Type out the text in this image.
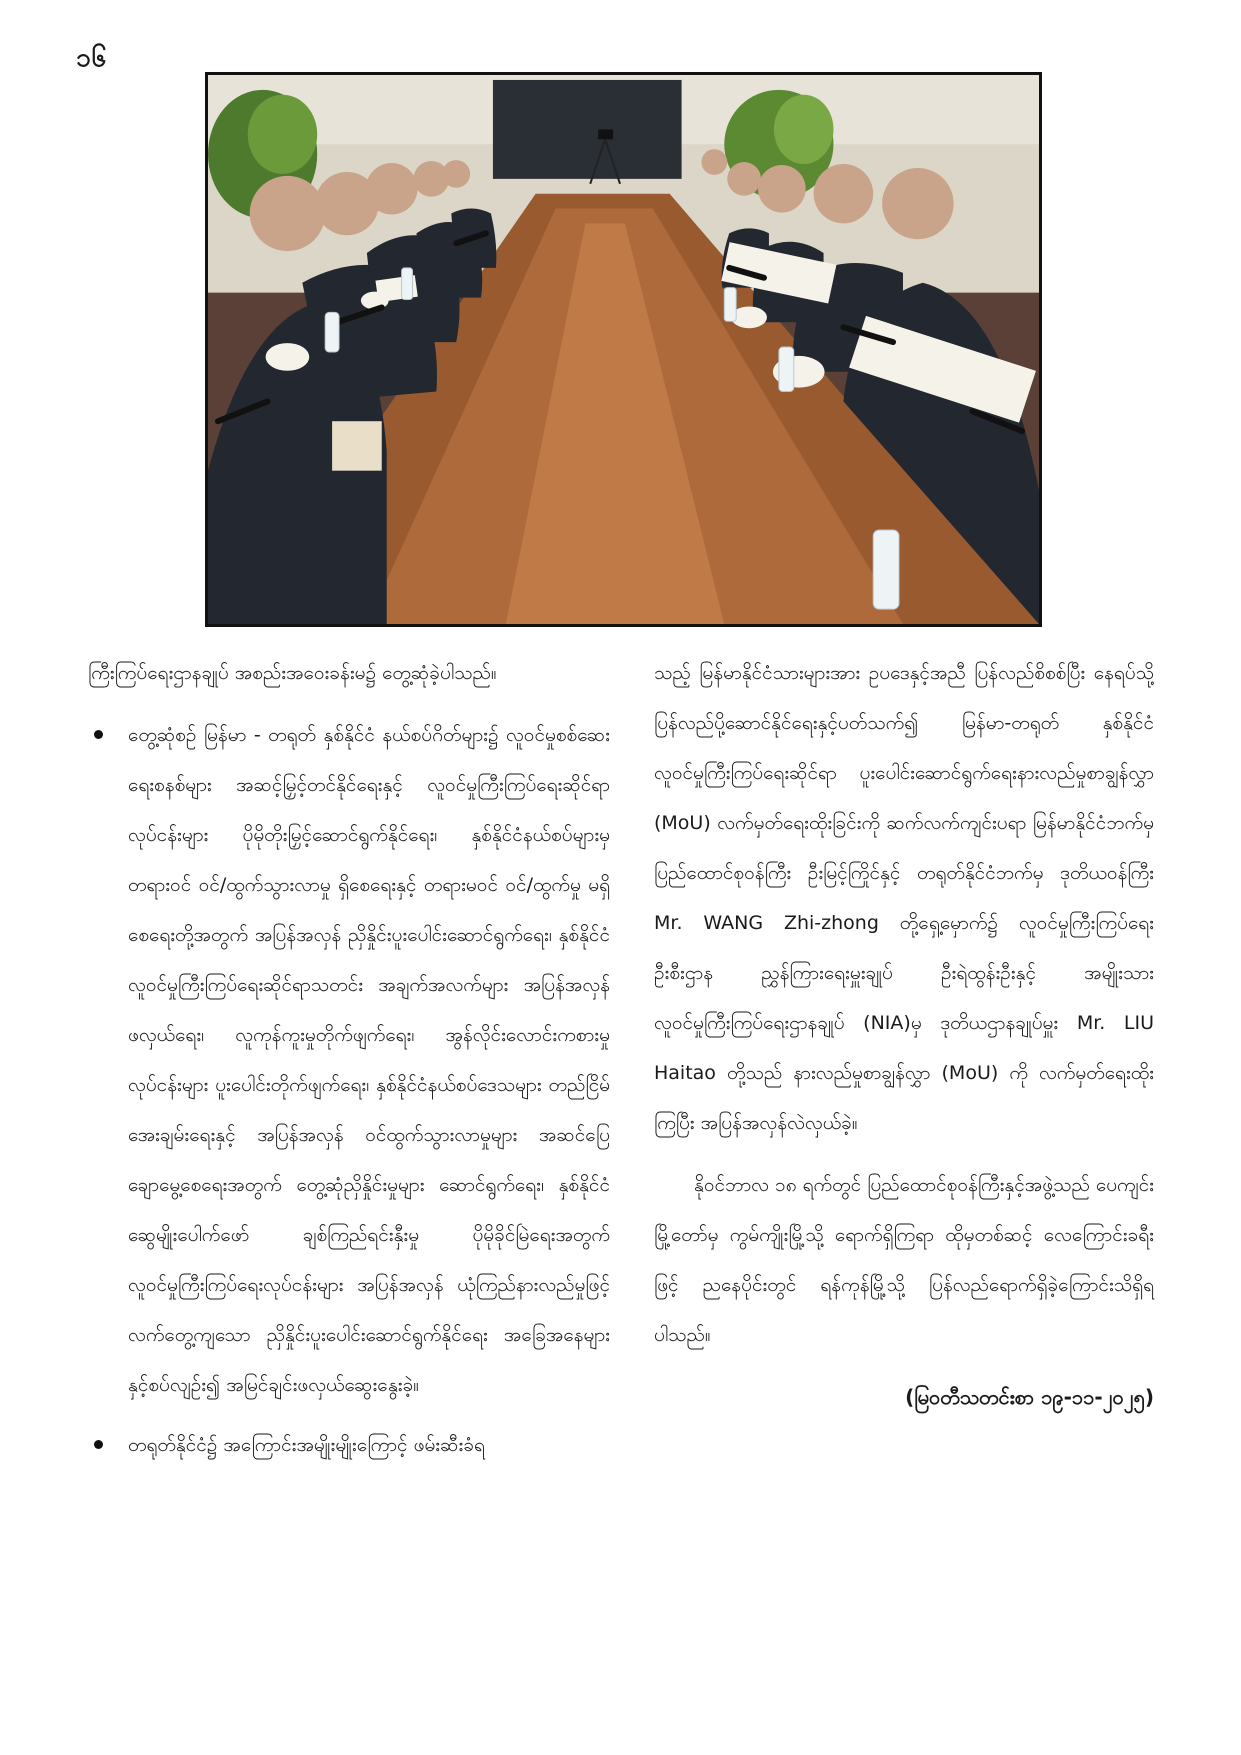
၁၆

ကြီးကြပ်ရေးဌာနချုပ် အစည်းအဝေးခန်းမ၌ တွေ့ဆုံခဲ့ပါသည်။

တွေ့ဆုံစဉ် မြန်မာ - တရုတ် နှစ်နိုင်ငံ နယ်စပ်ဂိတ်များ၌ လူဝင်မှုစစ်ဆေးရေးစနစ်များ အဆင့်မြှင့်တင်နိုင်ရေးနှင့် လူဝင်မှုကြီးကြပ်ရေးဆိုင်ရာလုပ်ငန်းများ ပိုမိုတိုးမြှင့်ဆောင်ရွက်နိုင်ရေး၊ နှစ်နိုင်ငံနယ်စပ်များမှ တရားဝင် ဝင်/ထွက်သွားလာမှု ရှိစေရေးနှင့် တရားမဝင် ဝင်/ထွက်မှု မရှိစေရေးတို့အတွက် အပြန်အလှန် ညှိနှိုင်းပူးပေါင်းဆောင်ရွက်ရေး၊ နှစ်နိုင်ငံလူဝင်မှုကြီးကြပ်ရေးဆိုင်ရာသတင်း အချက်အလက်များ အပြန်အလှန်ဖလှယ်ရေး၊ လူကုန်ကူးမှုတိုက်ဖျက်ရေး၊ အွန်လိုင်းလောင်းကစားမှုလုပ်ငန်းများ ပူးပေါင်းတိုက်ဖျက်ရေး၊ နှစ်နိုင်ငံနယ်စပ်ဒေသများ တည်ငြိမ်အေးချမ်းရေးနှင့် အပြန်အလှန် ဝင်ထွက်သွားလာမှုများ အဆင်ပြေချောမွေ့စေရေးအတွက် တွေ့ဆုံညှိနှိုင်းမှုများ ဆောင်ရွက်ရေး၊ နှစ်နိုင်ငံ ဆွေမျိုးပေါက်ဖော် ချစ်ကြည်ရင်းနှီးမှု ပိုမိုခိုင်မြဲရေးအတွက် လူဝင်မှုကြီးကြပ်ရေးလုပ်ငန်းများ အပြန်အလှန် ယုံကြည်နားလည်မှုဖြင့် လက်တွေ့ကျသော ညှိနှိုင်းပူးပေါင်းဆောင်ရွက်နိုင်ရေး အခြေအနေများနှင့်စပ်လျဉ်း၍ အမြင်ချင်းဖလှယ်ဆွေးနွေးခဲ့။
တရုတ်နိုင်ငံ၌ အကြောင်းအမျိုးမျိုးကြောင့် ဖမ်းဆီးခံရ

သည့် မြန်မာနိုင်ငံသားများအား ဥပဒေနှင့်အညီ ပြန်လည်စိစစ်ပြီး နေရပ်သို့ ပြန်လည်ပို့ဆောင်နိုင်ရေးနှင့်ပတ်သက်၍ မြန်မာ-တရုတ် နှစ်နိုင်ငံ လူဝင်မှုကြီးကြပ်ရေးဆိုင်ရာ ပူးပေါင်းဆောင်ရွက်ရေးနားလည်မှုစာချွန်လွှာ (MoU) လက်မှတ်ရေးထိုးခြင်းကို ဆက်လက်ကျင်းပရာ မြန်မာနိုင်ငံဘက်မှ ပြည်ထောင်စုဝန်ကြီး ဦးမြင့်ကြိုင်နှင့် တရုတ်နိုင်ငံဘက်မှ ဒုတိယဝန်ကြီး Mr. WANG Zhi-zhong တို့ရှေ့မှောက်၌ လူဝင်မှုကြီးကြပ်ရေး ဦးစီးဌာန ညွှန်ကြားရေးမှူးချုပ် ဦးရဲထွန်းဦးနှင့် အမျိုးသားလူဝင်မှုကြီးကြပ်ရေးဌာနချုပ် (NIA)မှ ဒုတိယဌာနချုပ်မှူး Mr. LIU Haitao တို့သည် နားလည်မှုစာချွန်လွှာ (MoU) ကို လက်မှတ်ရေးထိုး ကြပြီး အပြန်အလှန်လဲလှယ်ခဲ့။

နိုဝင်ဘာလ ၁၈ ရက်တွင် ပြည်ထောင်စုဝန်ကြီးနှင့်အဖွဲ့သည် ပေကျင်းမြို့တော်မှ ကွမ်ကျိုးမြို့သို့ ရောက်ရှိကြရာ ထိုမှတစ်ဆင့် လေကြောင်းခရီးဖြင့် ညနေပိုင်းတွင် ရန်ကုန်မြို့သို့ ပြန်လည်ရောက်ရှိခဲ့ကြောင်းသိရှိရပါသည်။

(မြဝတီသတင်းစာ ၁၉-၁၁-၂၀၂၅)
